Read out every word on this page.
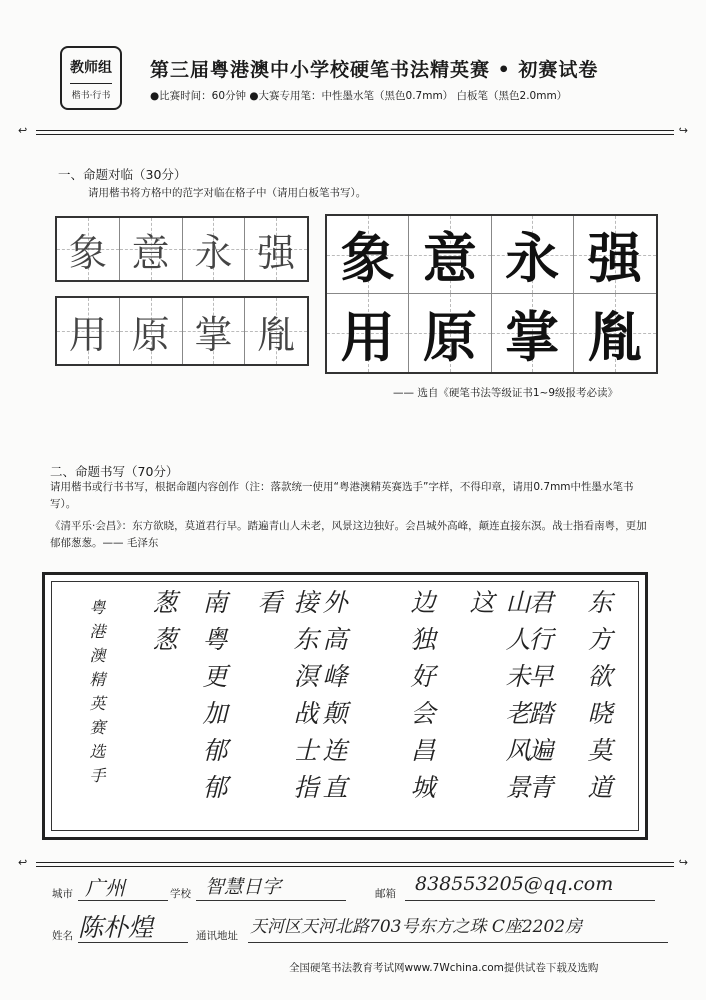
教师组
楷书·行书
第三届粤港澳中小学校硬笔书法精英赛 • 初赛试卷
●比赛时间：60分钟 ●大赛专用笔：中性墨水笔（黑色0.7mm） 白板笔（黑色2.0mm）
↩	↪
一、命题对临（30分）
请用楷书将方格中的范字对临在格子中（请用白板笔书写）。
象 意 永 强
用 原 掌 胤
象 意 永 强
用 原 掌 胤
—— 选自《硬笔书法等级证书1~9级报考必读》
二、命题书写（70分）
请用楷书或行书书写，根据命题内容创作（注：落款统一使用“粤港澳精英赛选手”字样，不得印章，请用0.7mm中性墨水笔书写）。
《清平乐·会昌》：东方欲晓，莫道君行早。踏遍青山人未老，风景这边独好。会昌城外高峰，颠连直接东溟。战士指看南粤，更加郁郁葱葱。—— 毛泽东
东方欲晓莫道
君行早踏遍青
山人未老风景这
边独好会昌城
外高峰颠连直
接东溟战士指看
南粤更加郁郁
葱葱
粤港澳精英赛选手
↩	↪
城市 广州	学校 智慧日字	邮箱 838553205@qq.com
姓名 陈朴煌	通讯地址 天河区天河北路703号东方之珠 C座2202房
全国硬笔书法教育考试网www.7Wchina.com提供试卷下载及选购
